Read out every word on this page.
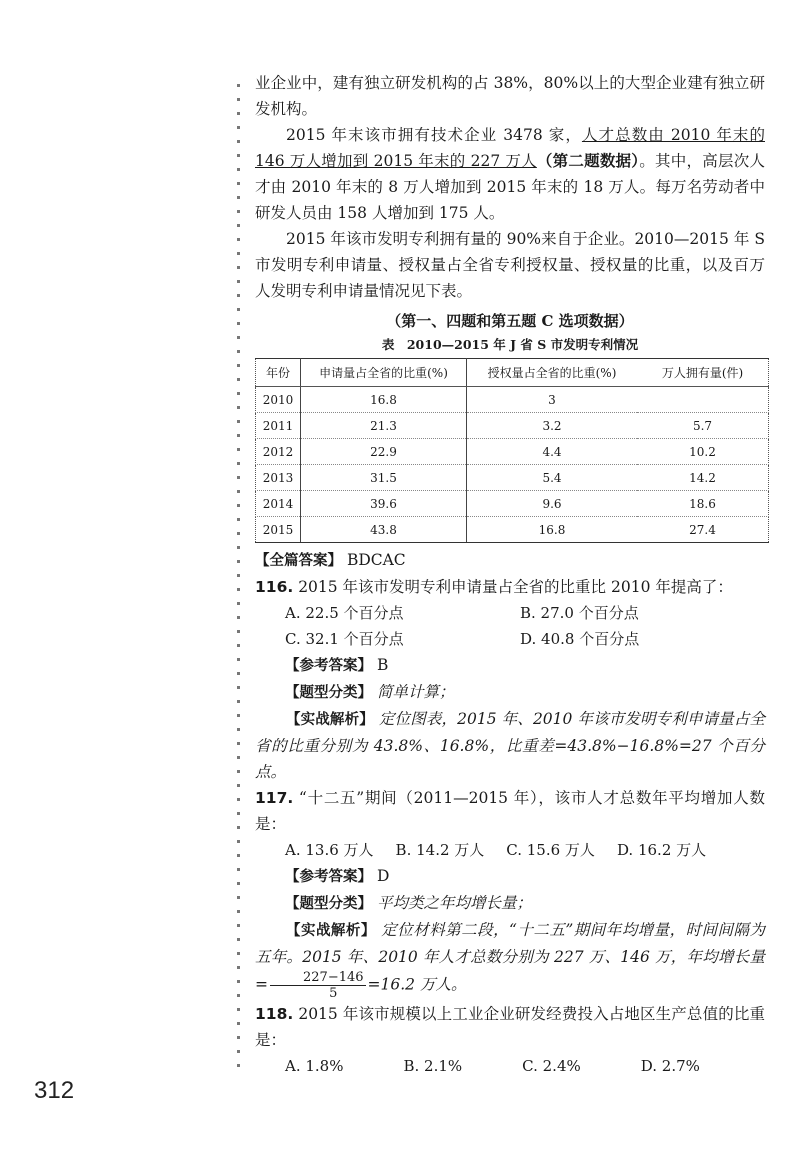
业企业中，建有独立研发机构的占 38%，80%以上的大型企业建有独立研发机构。

2015 年末该市拥有技术企业 3478 家，人才总数由 2010 年末的 146 万人增加到 2015 年末的 227 万人（第二题数据）。其中，高层次人才由 2010 年末的 8 万人增加到 2015 年末的 18 万人。每万名劳动者中研发人员由 158 人增加到 175 人。

2015 年该市发明专利拥有量的 90%来自于企业。2010—2015 年 S 市发明专利申请量、授权量占全省专利授权量、授权量的比重，以及百万人发明专利申请量情况见下表。

（第一、四题和第五题 C 选项数据）
表　2010—2015 年 J 省 S 市发明专利情况
年份	申请量占全省的比重(%)	授权量占全省的比重(%)	万人拥有量(件)
2010	16.8	3	
2011	21.3	3.2	5.7
2012	22.9	4.4	10.2
2013	31.5	5.4	14.2
2014	39.6	9.6	18.6
2015	43.8	16.8	27.4

【全篇答案】 BDCAC

116. 2015 年该市发明专利申请量占全省的比重比 2010 年提高了：

A. 22.5 个百分点	B. 27.0 个百分点
C. 32.1 个百分点	D. 40.8 个百分点

【参考答案】 B

【题型分类】 简单计算；

【实战解析】 定位图表，2015 年、2010 年该市发明专利申请量占全省的比重分别为 43.8%、16.8%，比重差=43.8%−16.8%=27 个百分点。

117. “十二五”期间（2011—2015 年），该市人才总数年平均增加人数是：

A. 13.6 万人 B. 14.2 万人 C. 15.6 万人 D. 16.2 万人

【参考答案】 D

【题型分类】 平均类之年均增长量；

【实战解析】 定位材料第二段，“十二五”期间年均增量，时间间隔为五年。2015 年、2010 年人才总数分别为 227 万、146 万，年均增长量= $\frac{227-146}{5} =16.2$ 万人。

118. 2015 年该市规模以上工业企业研发经费投入占地区生产总值的比重是：

A. 1.8%	B. 2.1%	C. 2.4%	D. 2.7%
312
